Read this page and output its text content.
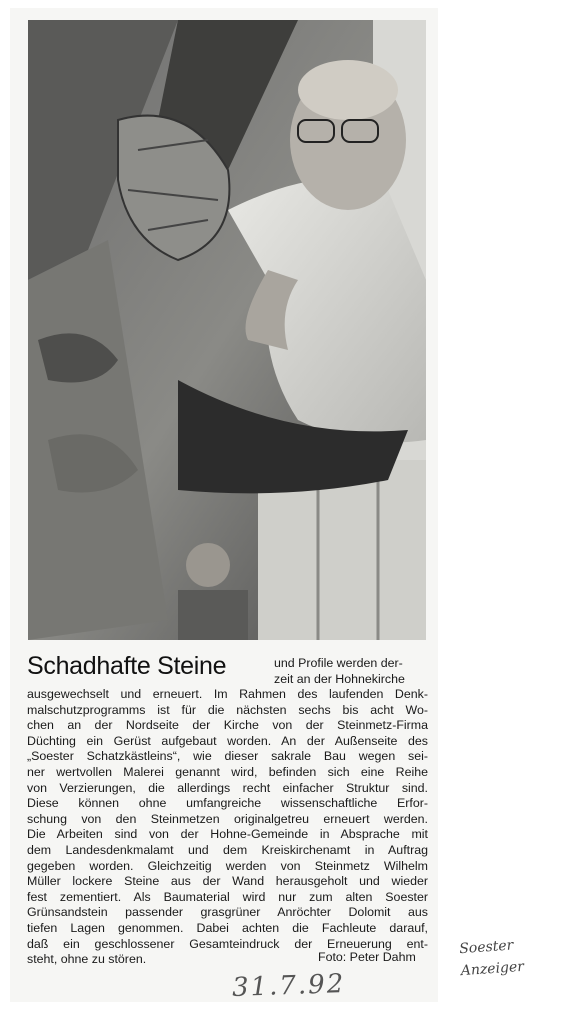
Schadhafte Steine	und Profile werden der-
zeit an der Hohnekirche
ausgewechselt und erneuert. Im Rahmen des laufenden Denk-
malschutzprogramms ist für die nächsten sechs bis acht Wo-
chen an der Nordseite der Kirche von der Steinmetz-Firma
Düchting ein Gerüst aufgebaut worden. An der Außenseite des
„Soester Schatzkästleins“, wie dieser sakrale Bau wegen sei-
ner wertvollen Malerei genannt wird, befinden sich eine Reihe
von Verzierungen, die allerdings recht einfacher Struktur sind.
Diese können ohne umfangreiche wissenschaftliche Erfor-
schung von den Steinmetzen originalgetreu erneuert werden.
Die Arbeiten sind von der Hohne-Gemeinde in Absprache mit
dem Landesdenkmalamt und dem Kreiskirchenamt in Auftrag
gegeben worden. Gleichzeitig werden von Steinmetz Wilhelm
Müller lockere Steine aus der Wand herausgeholt und wieder
fest zementiert. Als Baumaterial wird nur zum alten Soester
Grünsandstein passender grasgrüner Anröchter Dolomit aus
tiefen Lagen genommen. Dabei achten die Fachleute darauf,
daß ein geschlossener Gesamteindruck der Erneuerung ent-
steht, ohne zu stören.	Foto: Peter Dahm
31.7.92
Soester
Anzeiger
